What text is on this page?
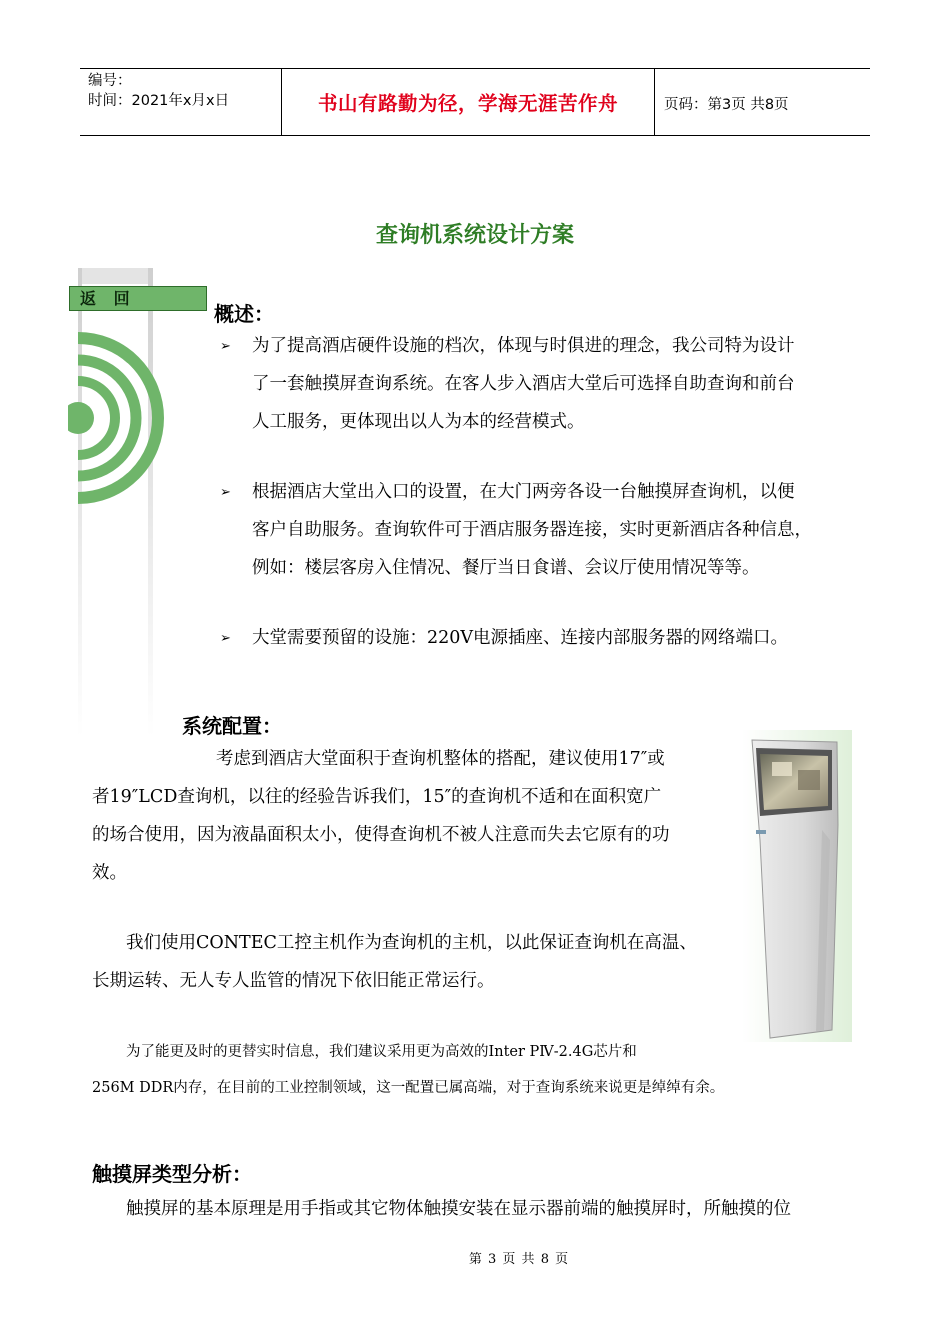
编号：
时间：2021年x月x日	书山有路勤为径，学海无涯苦作舟	页码：第3页 共8页
查询机系统设计方案
返 回
概述：
➢ 为了提高酒店硬件设施的档次，体现与时俱进的理念，我公司特为设计
了一套触摸屏查询系统。在客人步入酒店大堂后可选择自助查询和前台
人工服务，更体现出以人为本的经营模式。
➢ 根据酒店大堂出入口的设置，在大门两旁各设一台触摸屏查询机，以便
客户自助服务。查询软件可于酒店服务器连接，实时更新酒店各种信息，
例如：楼层客房入住情况、餐厅当日食谱、会议厅使用情况等等。
➢ 大堂需要预留的设施：220V电源插座、连接内部服务器的网络端口。
系统配置：
考虑到酒店大堂面积于查询机整体的搭配，建议使用17″或
者19″LCD查询机，以往的经验告诉我们，15″的查询机不适和在面积宽广
的场合使用，因为液晶面积太小，使得查询机不被人注意而失去它原有的功
效。
我们使用CONTEC工控主机作为查询机的主机，以此保证查询机在高温、
长期运转、无人专人监管的情况下依旧能正常运行。
为了能更及时的更替实时信息，我们建议采用更为高效的Inter PⅣ-2.4G芯片和
256M DDR内存，在目前的工业控制领域，这一配置已属高端，对于查询系统来说更是绰绰有余。
触摸屏类型分析：
触摸屏的基本原理是用手指或其它物体触摸安装在显示器前端的触摸屏时，所触摸的位
第 3 页 共 8 页
